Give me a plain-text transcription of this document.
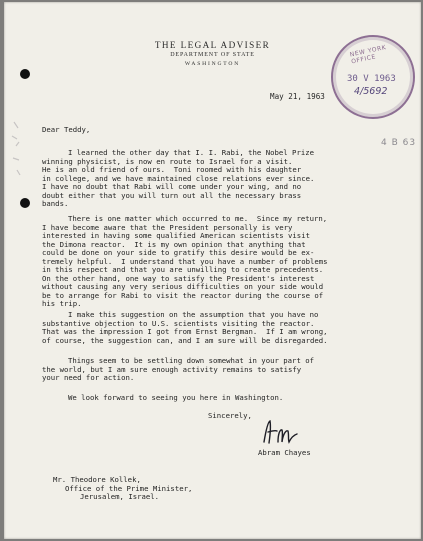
THE LEGAL ADVISER
DEPARTMENT OF STATE
WASHINGTON
NEW YORK OFFICE
30 V 1963
4/5692
4 B 63
May 21, 1963
Dear Teddy,
I learned the other day that I. I. Rabi, the Nobel Prize
winning physicist, is now en route to Israel for a visit.
He is an old friend of ours.  Toni roomed with his daughter
in college, and we have maintained close relations ever since.
I have no doubt that Rabi will come under your wing, and no
doubt either that you will turn out all the necessary brass
bands.
There is one matter which occurred to me.  Since my return,
I have become aware that the President personally is very
interested in having some qualified American scientists visit
the Dimona reactor.  It is my own opinion that anything that
could be done on your side to gratify this desire would be ex-
tremely helpful.  I understand that you have a number of problems
in this respect and that you are unwilling to create precedents.
On the other hand, one way to satisfy the President's interest
without causing any very serious difficulties on your side would
be to arrange for Rabi to visit the reactor during the course of
his trip.
I make this suggestion on the assumption that you have no
substantive objection to U.S. scientists visiting the reactor.
That was the impression I got from Ernst Bergman.  If I am wrong,
of course, the suggestion can, and I am sure will be disregarded.
Things seem to be settling down somewhat in your part of
the world, but I am sure enough activity remains to satisfy
your need for action.
We look forward to seeing you here in Washington.
Sincerely,
Abram Chayes
Mr. Theodore Kollek,
Office of the Prime Minister,
Jerusalem, Israel.
